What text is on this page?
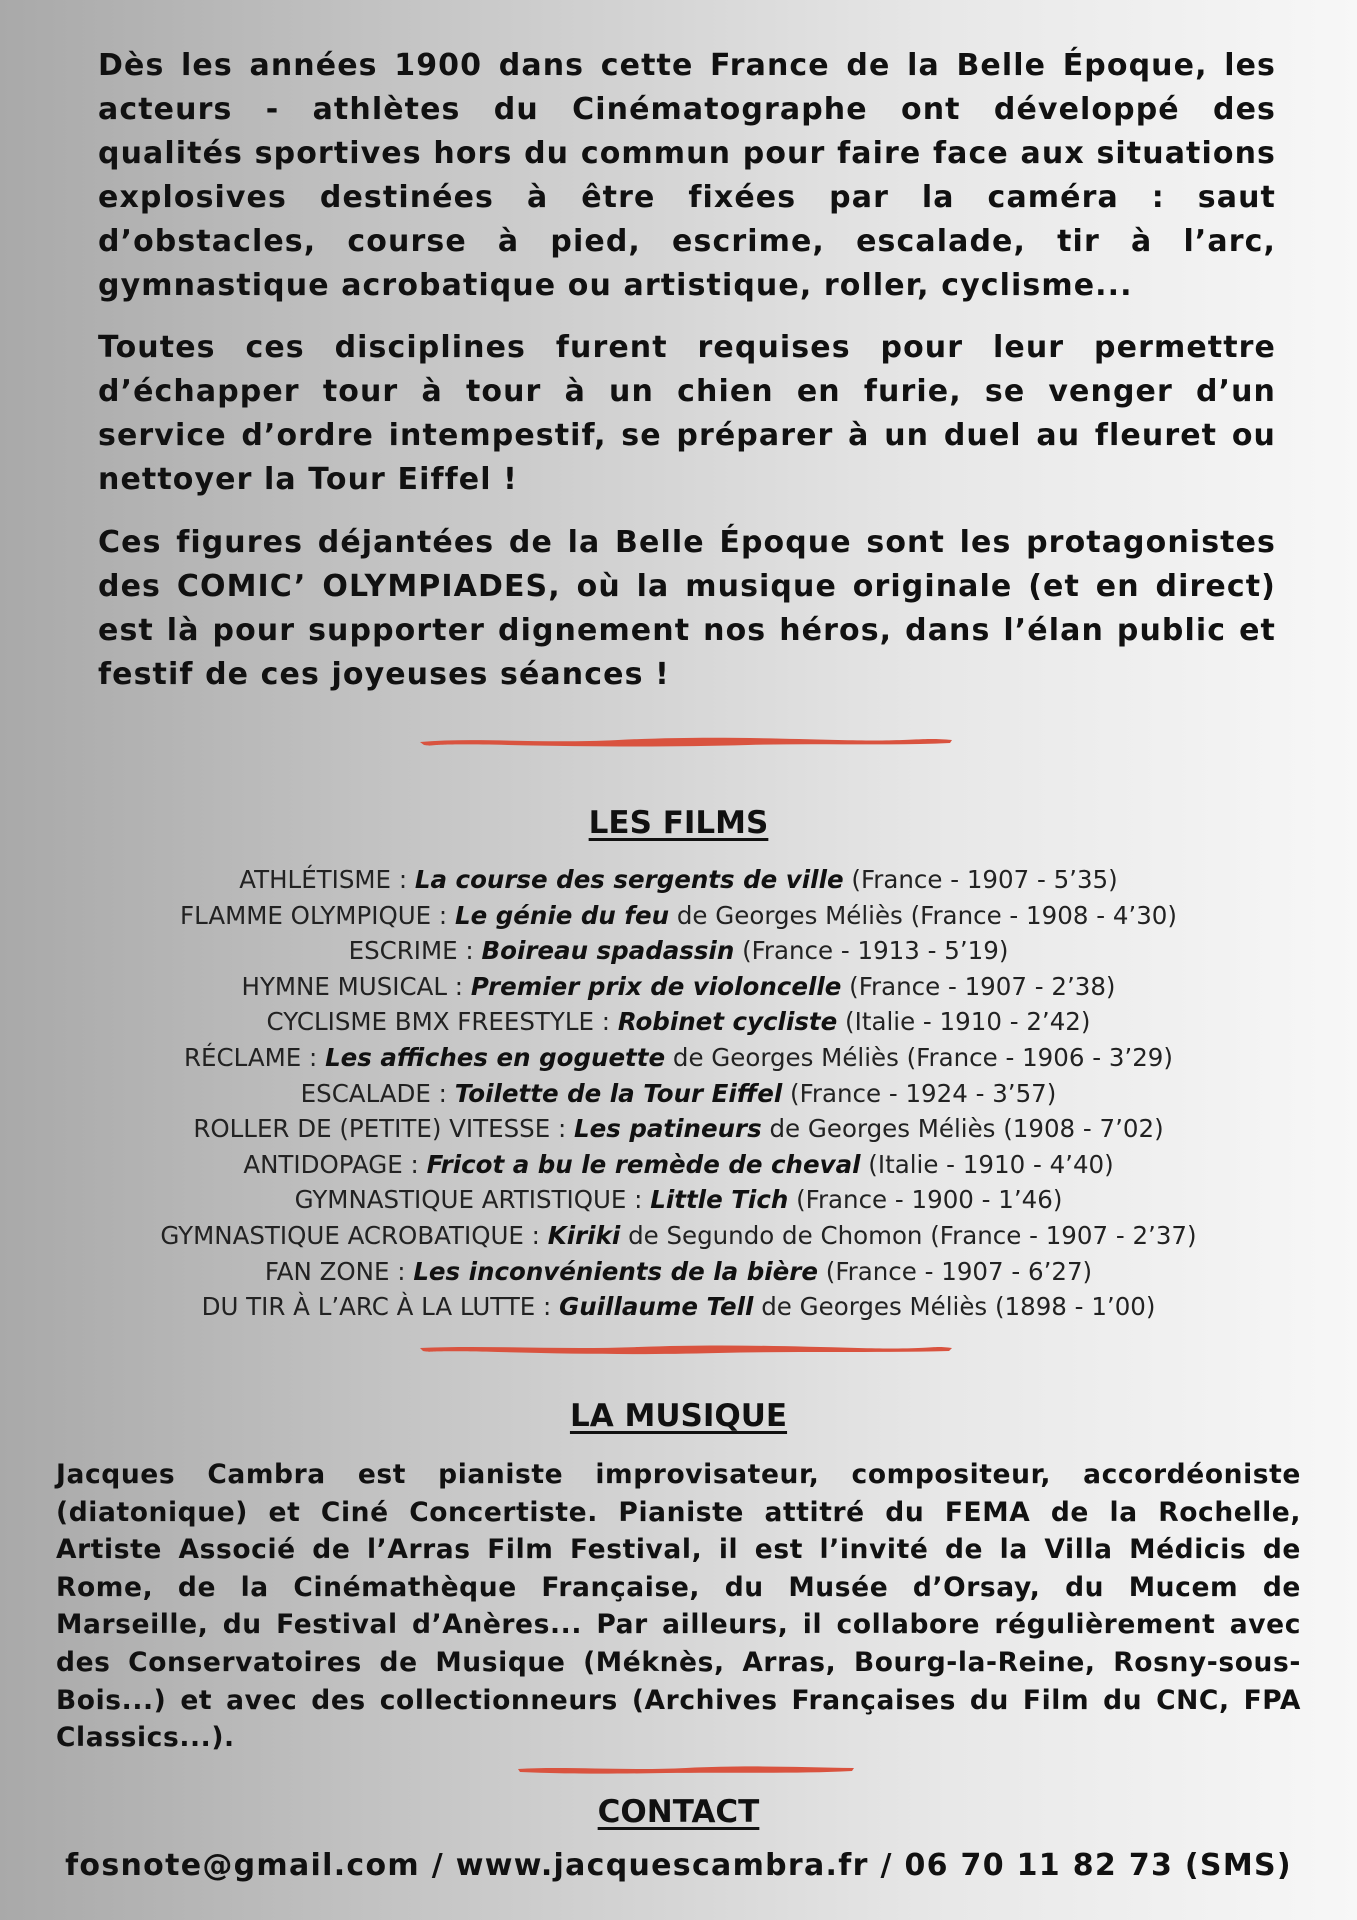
Dès les années 1900 dans cette France de la Belle Époque, les acteurs - athlètes du Cinématographe ont développé des qualités sportives hors du commun pour faire face aux situations explosives destinées à être fixées par la caméra : saut d’obstacles, course à pied, escrime, escalade, tir à l’arc, gymnastique acrobatique ou artistique, roller, cyclisme...

Toutes ces disciplines furent requises pour leur permettre d’échapper tour à tour à un chien en furie, se venger d’un service d’ordre intempestif, se préparer à un duel au fleuret ou nettoyer la Tour Eiffel !

Ces figures déjantées de la Belle Époque sont les protagonistes des COMIC’ OLYMPIADES, où la musique originale (et en direct) est là pour supporter dignement nos héros, dans l’élan public et festif de ces joyeuses séances !

LES FILMS
ATHLÉTISME : La course des sergents de ville (France - 1907 - 5’35)
FLAMME OLYMPIQUE : Le génie du feu de Georges Méliès (France - 1908 - 4’30)
ESCRIME : Boireau spadassin (France - 1913 - 5’19)
HYMNE MUSICAL : Premier prix de violoncelle (France - 1907 - 2’38)
CYCLISME BMX FREESTYLE : Robinet cycliste (Italie - 1910 - 2’42)
RÉCLAME : Les affiches en goguette de Georges Méliès (France - 1906 - 3’29)
ESCALADE : Toilette de la Tour Eiffel (France - 1924 - 3’57)
ROLLER DE (PETITE) VITESSE : Les patineurs de Georges Méliès (1908 - 7’02)
ANTIDOPAGE : Fricot a bu le remède de cheval (Italie - 1910 - 4’40)
GYMNASTIQUE ARTISTIQUE : Little Tich (France - 1900 - 1’46)
GYMNASTIQUE ACROBATIQUE : Kiriki de Segundo de Chomon (France - 1907 - 2’37)
FAN ZONE : Les inconvénients de la bière (France - 1907 - 6’27)
DU TIR À L’ARC À LA LUTTE : Guillaume Tell de Georges Méliès (1898 - 1’00)
LA MUSIQUE

Jacques Cambra est pianiste improvisateur, compositeur, accordéoniste (diatonique) et Ciné Concertiste. Pianiste attitré du FEMA de la Rochelle, Artiste Associé de l’Arras Film Festival, il est l’invité de la Villa Médicis de Rome, de la Cinémathèque Française, du Musée d’Orsay, du Mucem de Marseille, du Festival d’Anères... Par ailleurs, il collabore régulièrement avec des Conservatoires de Musique (Méknès, Arras, Bourg-la-Reine, Rosny-sous-Bois...) et avec des collectionneurs (Archives Françaises du Film du CNC, FPA Classics...).

CONTACT

fosnote@gmail.com / www.jacquescambra.fr / 06 70 11 82 73 (SMS)
